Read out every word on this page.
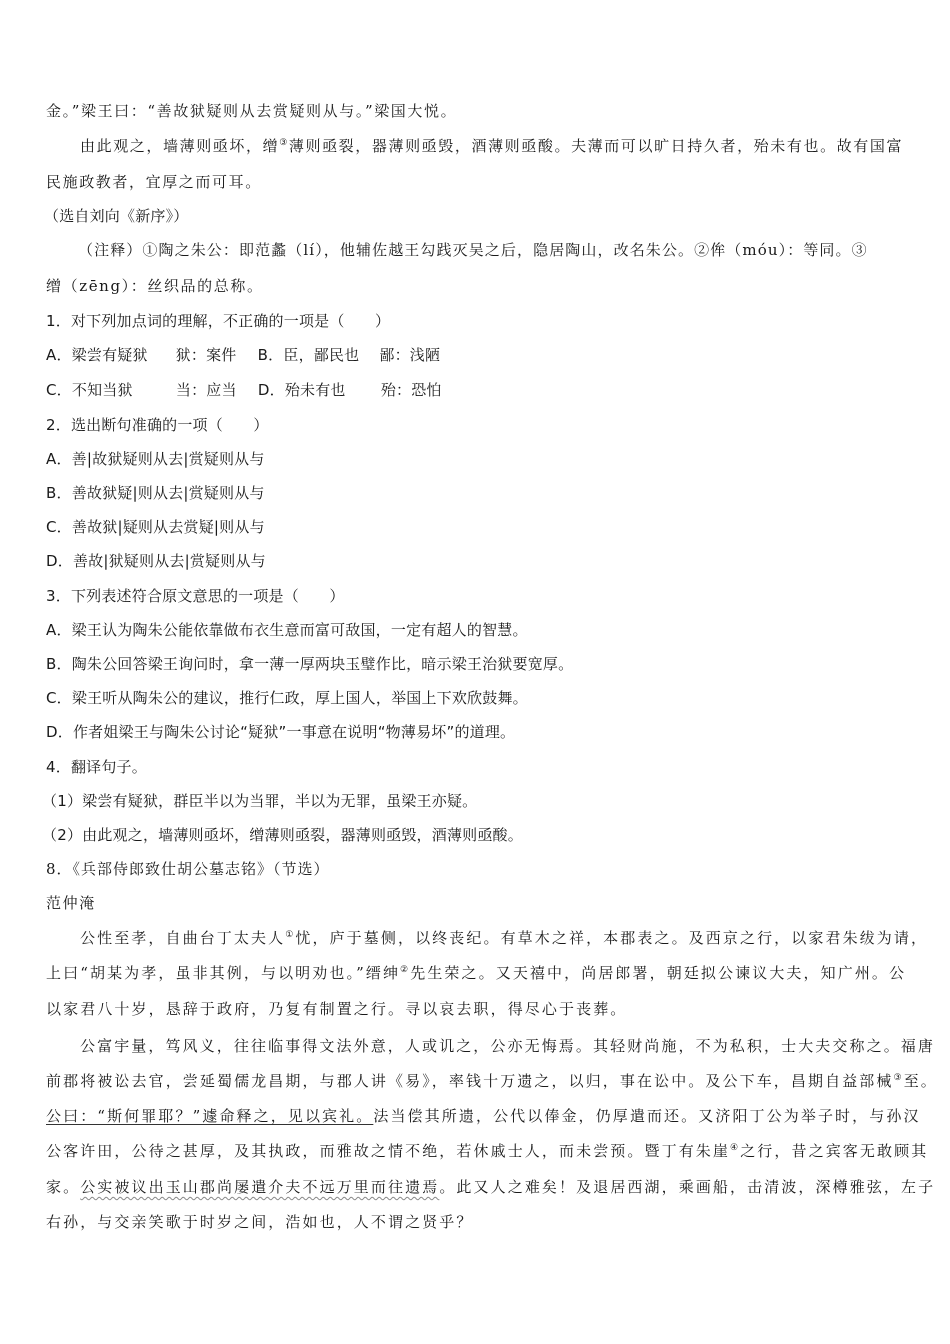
金。”梁王曰：“善故狱疑则从去赏疑则从与。”梁国大悦。
由此观之，墙薄则亟坏，缯③薄则亟裂，器薄则亟毁，酒薄则亟酸。夫薄而可以旷日持久者，殆未有也。故有国富
民施政教者，宜厚之而可耳。
（选自刘向《新序》）
（注释）①陶之朱公：即范蠡（lí），他辅佐越王勾践灭吴之后，隐居陶山，改名朱公。②侔（móu）：等同。③
缯（zēng）：丝织品的总称。
1．对下列加点词的理解，不正确的一项是（　　）
A．梁尝有疑狱 狱：案件 B．臣，鄙民也 鄙：浅陋
C．不知当狱	当：应当 D．殆未有也 殆：恐怕
2．选出断句准确的一项（　　）
A．善|故狱疑则从去|赏疑则从与
B．善故狱疑|则从去|赏疑则从与
C．善故狱|疑则从去赏疑|则从与
D．善故|狱疑则从去|赏疑则从与
3．下列表述符合原文意思的一项是（　　）
A．梁王认为陶朱公能依靠做布衣生意而富可敌国，一定有超人的智慧。
B．陶朱公回答梁王询问时，拿一薄一厚两块玉璧作比，暗示梁王治狱要宽厚。
C．梁王听从陶朱公的建议，推行仁政，厚上国人，举国上下欢欣鼓舞。
D．作者姐梁王与陶朱公讨论“疑狱”一事意在说明“物薄易坏”的道理。
4．翻译句子。
（1）梁尝有疑狱，群臣半以为当罪，半以为无罪，虽梁王亦疑。
（2）由此观之，墙薄则亟坏，缯薄则亟裂，器薄则亟毁，酒薄则亟酸。
8．《兵部侍郎致仕胡公墓志铭》（节选）
范仲淹
公性至孝，自曲台丁太夫人①忧，庐于墓侧，以终丧纪。有草木之祥，本郡表之。及西京之行，以家君朱绂为请，
上曰“胡某为孝，虽非其例，与以明劝也。”缙绅②先生荣之。又天禧中，尚居郎署，朝廷拟公谏议大夫，知广州。公
以家君八十岁，恳辞于政府，乃复有制置之行。寻以哀去职，得尽心于丧葬。
公富宇量，笃风义，往往临事得文法外意，人或讥之，公亦无悔焉。其轻财尚施，不为私积，士大夫交称之。福唐
前郡将被讼去官，尝延蜀儒龙昌期，与郡人讲《易》，率钱十万遗之，以归，事在讼中。及公下车，昌期自益部械③至。
公曰：“斯何罪耶？”遽命释之，见以宾礼。法当偿其所遗，公代以俸金，仍厚遣而还。又济阳丁公为举子时，与孙汉
公客许田，公待之甚厚，及其执政，而雅故之情不绝，若休戚士人，而未尝预。暨丁有朱崖④之行，昔之宾客无敢顾其
家。公实被议出玉山郡尚屡遣介夫不远万里而往遗焉。此又人之难矣！及退居西湖，乘画船，击清波，深樽雅弦，左子
右孙，与交亲笑歌于时岁之间，浩如也，人不谓之贤乎？
